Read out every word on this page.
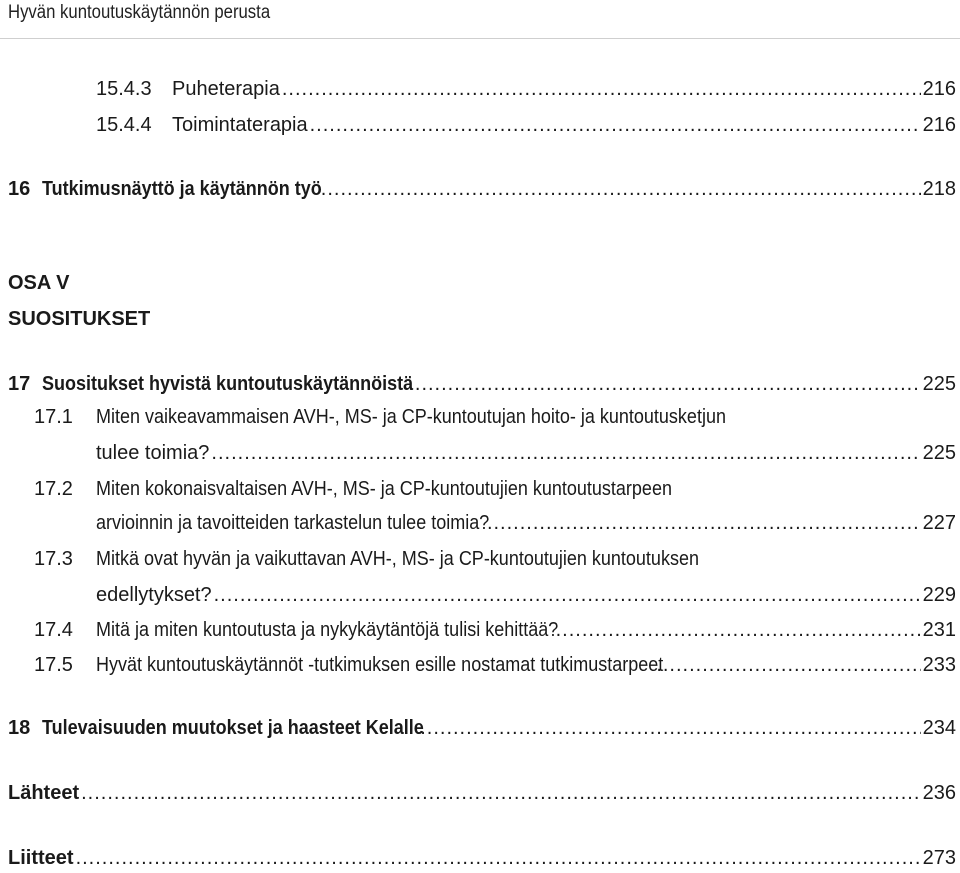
Hyvän kuntoutuskäytännön perusta
15.4.3	Puheterapia .....	216
15.4.4	Toimintaterapia .....	216
16 Tutkimusnäyttö ja käytännön työ .....	218
OSA V
SUOSITUKSET
17 Suositukset hyvistä kuntoutuskäytännöistä .....	225
17.1 Miten vaikeavammaisen AVH-, MS- ja CP-kuntoutujan hoito- ja kuntoutusketjun
tulee toimia? .....	225
17.2 Miten kokonaisvaltaisen AVH-, MS- ja CP-kuntoutujien kuntoutustarpeen
arvioinnin ja tavoitteiden tarkastelun tulee toimia? .....	227
17.3 Mitkä ovat hyvän ja vaikuttavan AVH-, MS- ja CP-kuntoutujien kuntoutuksen
edellytykset? .....	229
17.4 Mitä ja miten kuntoutusta ja nykykäytäntöjä tulisi kehittää? .....	231
17.5 Hyvät kuntoutuskäytännöt -tutkimuksen esille nostamat tutkimustarpeet .....	233
18 Tulevaisuuden muutokset ja haasteet Kelalle .....	234
Lähteet .....	236
Liitteet .....	273
